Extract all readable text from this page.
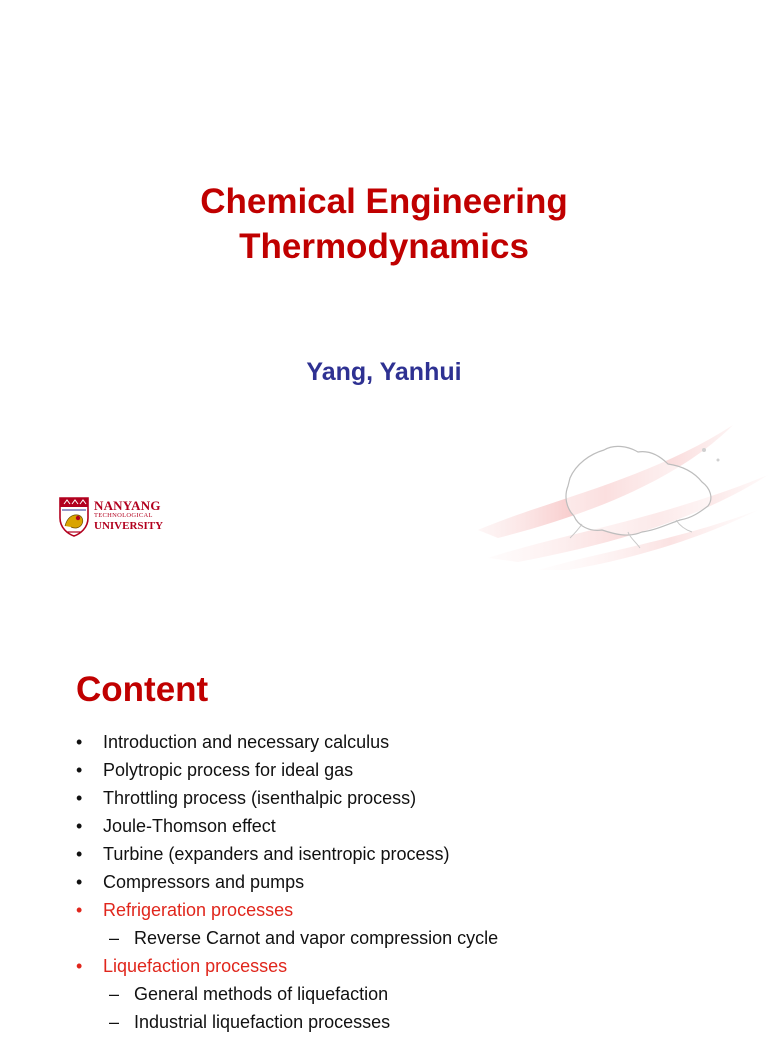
Chemical Engineering
Thermodynamics
Yang, Yanhui
NANYANG
TECHNOLOGICAL
UNIVERSITY
Content
• Introduction and necessary calculus
• Polytropic process for ideal gas
• Throttling process (isenthalpic process)
• Joule-Thomson effect
• Turbine (expanders and isentropic process)
• Compressors and pumps
• Refrigeration processes
– Reverse Carnot and vapor compression cycle
• Liquefaction processes
– General methods of liquefaction
– Industrial liquefaction processes
